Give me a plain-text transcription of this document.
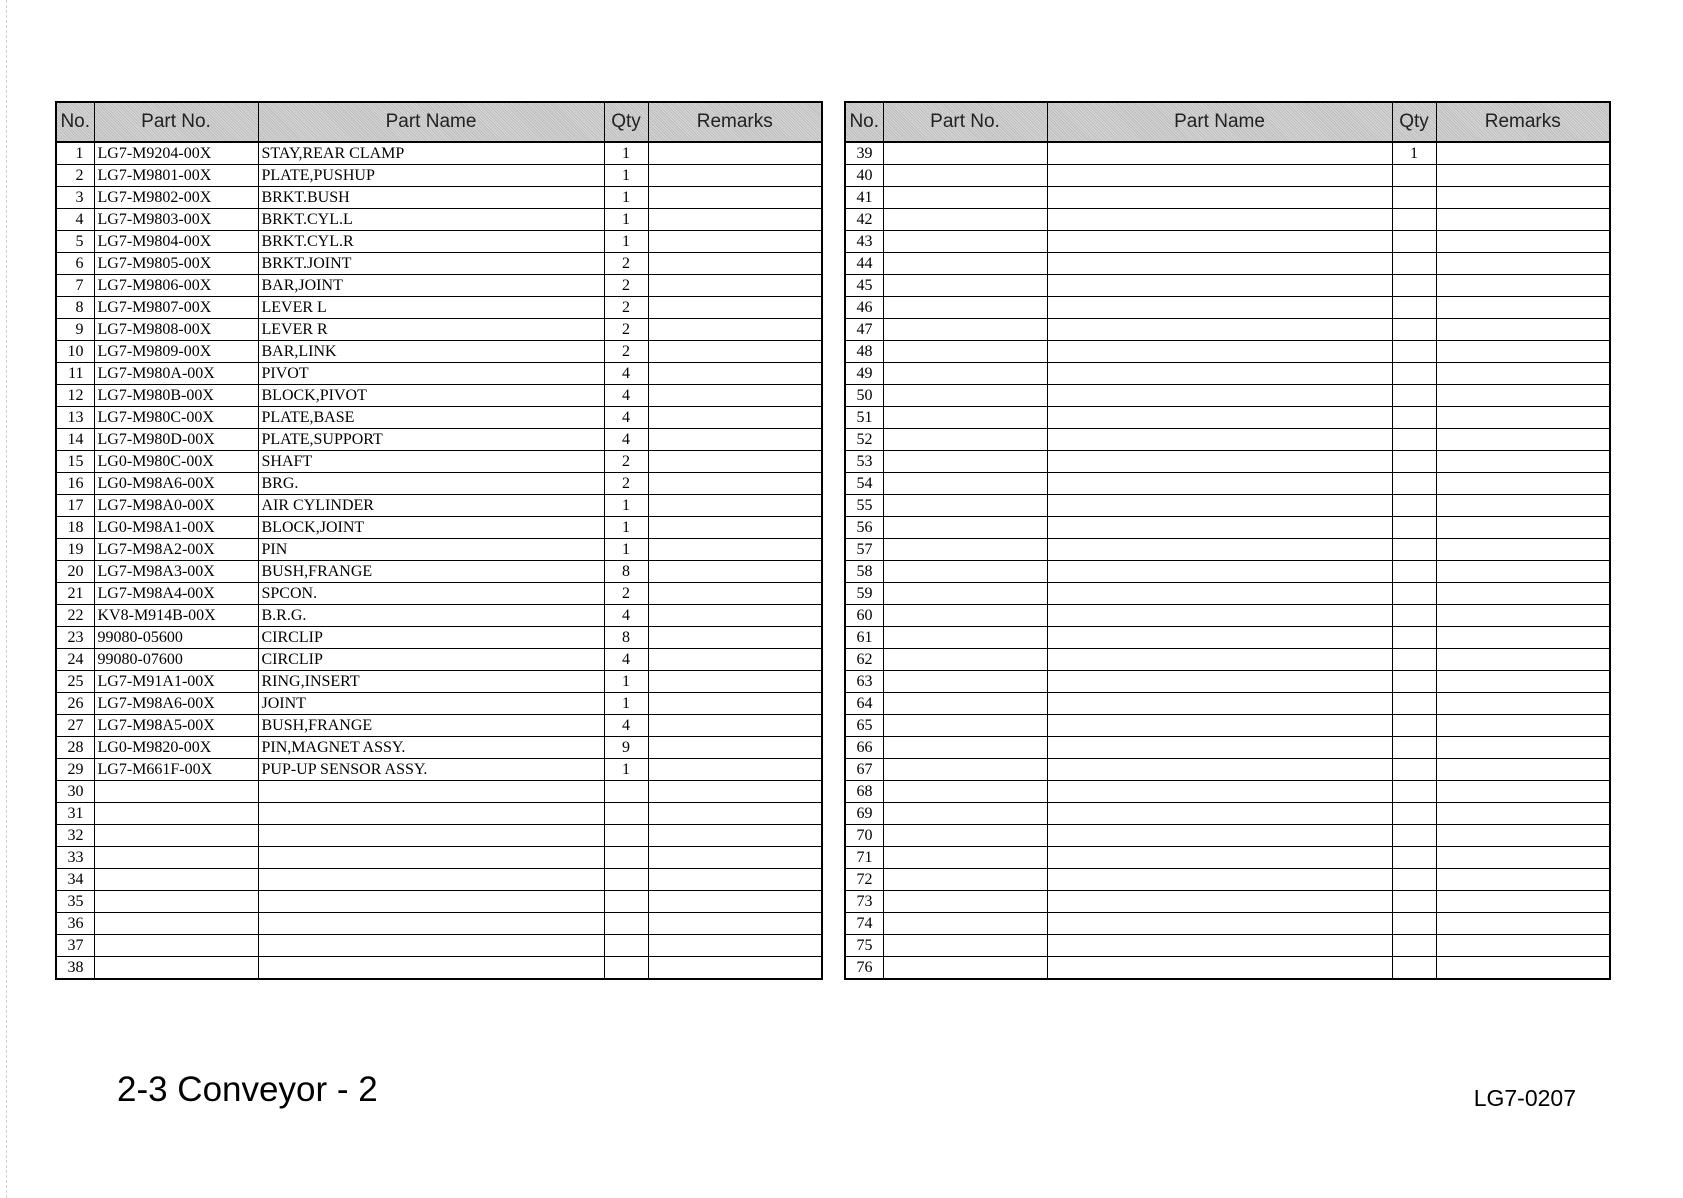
No.	Part No.	Part Name	Qty	Remarks
1	LG7-M9204-00X	STAY,REAR CLAMP	1	
2	LG7-M9801-00X	PLATE,PUSHUP	1	
3	LG7-M9802-00X	BRKT.BUSH	1	
4	LG7-M9803-00X	BRKT.CYL.L	1	
5	LG7-M9804-00X	BRKT.CYL.R	1	
6	LG7-M9805-00X	BRKT.JOINT	2	
7	LG7-M9806-00X	BAR,JOINT	2	
8	LG7-M9807-00X	LEVER L	2	
9	LG7-M9808-00X	LEVER R	2	
10	LG7-M9809-00X	BAR,LINK	2	
11	LG7-M980A-00X	PIVOT	4	
12	LG7-M980B-00X	BLOCK,PIVOT	4	
13	LG7-M980C-00X	PLATE,BASE	4	
14	LG7-M980D-00X	PLATE,SUPPORT	4	
15	LG0-M980C-00X	SHAFT	2	
16	LG0-M98A6-00X	BRG.	2	
17	LG7-M98A0-00X	AIR CYLINDER	1	
18	LG0-M98A1-00X	BLOCK,JOINT	1	
19	LG7-M98A2-00X	PIN	1	
20	LG7-M98A3-00X	BUSH,FRANGE	8	
21	LG7-M98A4-00X	SPCON.	2	
22	KV8-M914B-00X	B.R.G.	4	
23	99080-05600	CIRCLIP	8	
24	99080-07600	CIRCLIP	4	
25	LG7-M91A1-00X	RING,INSERT	1	
26	LG7-M98A6-00X	JOINT	1	
27	LG7-M98A5-00X	BUSH,FRANGE	4	
28	LG0-M9820-00X	PIN,MAGNET ASSY.	9	
29	LG7-M661F-00X	PUP-UP SENSOR ASSY.	1	
30				
31				
32				
33				
34				
35				
36				
37				
38				
No.	Part No.	Part Name	Qty	Remarks
39			1	
40				
41				
42				
43				
44				
45				
46				
47				
48				
49				
50				
51				
52				
53				
54				
55				
56				
57				
58				
59				
60				
61				
62				
63				
64				
65				
66				
67				
68				
69				
70				
71				
72				
73				
74				
75				
76				
2-3 Conveyor - 2	LG7-0207
